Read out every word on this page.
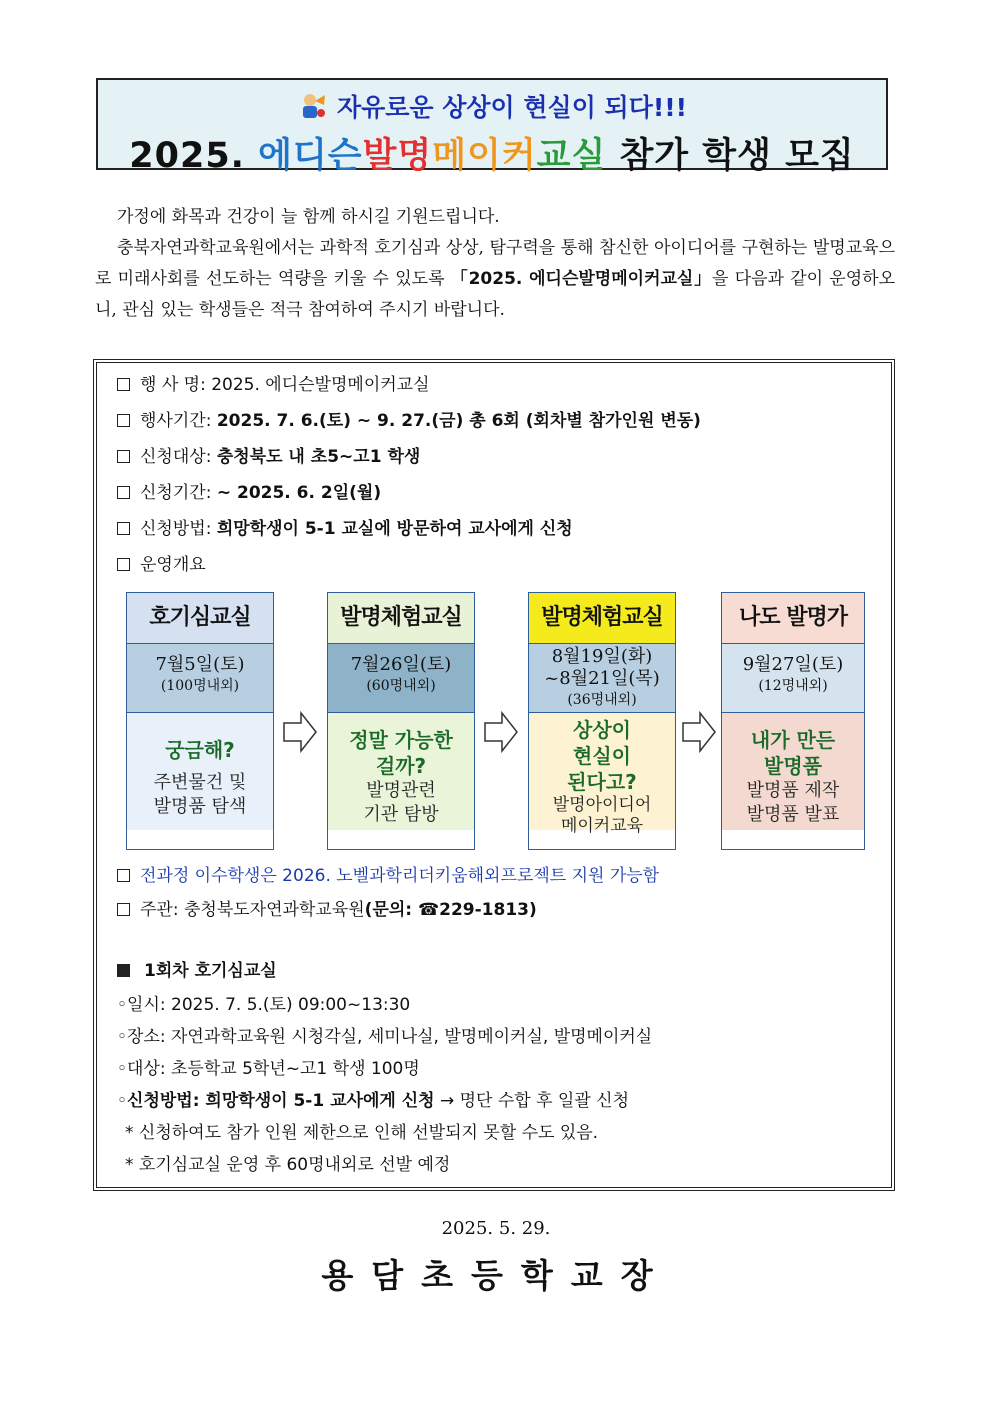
자유로운 상상이 현실이 되다!!!
2025. 에디슨발명메이커교실 참가 학생 모집

가정에 화목과 건강이 늘 함께 하시길 기원드립니다.

충북자연과학교육원에서는 과학적 호기심과 상상, 탐구력을 통해 참신한 아이디어를 구현하는 발명교육으로 미래사회를 선도하는 역량을 키울 수 있도록 「2025. 에디슨발명메이커교실」을 다음과 같이 운영하오니, 관심 있는 학생들은 적극 참여하여 주시기 바랍니다.

행 사 명: 2025. 에디슨발명메이커교실
행사기간: 2025. 7. 6.(토) ~ 9. 27.(금) 총 6회 (회차별 참가인원 변동)
신청대상: 충청북도 내 초5~고1 학생
신청기간: ~ 2025. 6. 2일(월)
신청방법: 희망학생이 5-1 교실에 방문하여 교사에게 신청
운영개요
호기심교실
7월5일(토)
(100명내외)
궁금해?
주변물건 및
발명품 탐색
발명체험교실
7월26일(토)
(60명내외)
정말 가능한
걸까?
발명관련
기관 탐방
발명체험교실
8월19일(화)
~8월21일(목)
(36명내외)
상상이
현실이
된다고?
발명아이디어
메이커교육
나도 발명가
9월27일(토)
(12명내외)
내가 만든
발명품
발명품 제작
발명품 발표
전과정 이수학생은 2026. 노벨과학리더키움해외프로젝트 지원 가능함
주관: 충청북도자연과학교육원(문의: ☎229-1813)
1회차 호기심교실
◦일시: 2025. 7. 5.(토) 09:00~13:30
◦장소: 자연과학교육원 시청각실, 세미나실, 발명메이커실, 발명메이커실
◦대상: 초등학교 5학년~고1 학생 100명
◦신청방법: 희망학생이 5-1 교사에게 신청 → 명단 수합 후 일괄 신청
* 신청하여도 참가 인원 제한으로 인해 선발되지 못할 수도 있음.
* 호기심교실 운영 후 60명내외로 선발 예정
2025. 5. 29.
용담초등학교장
